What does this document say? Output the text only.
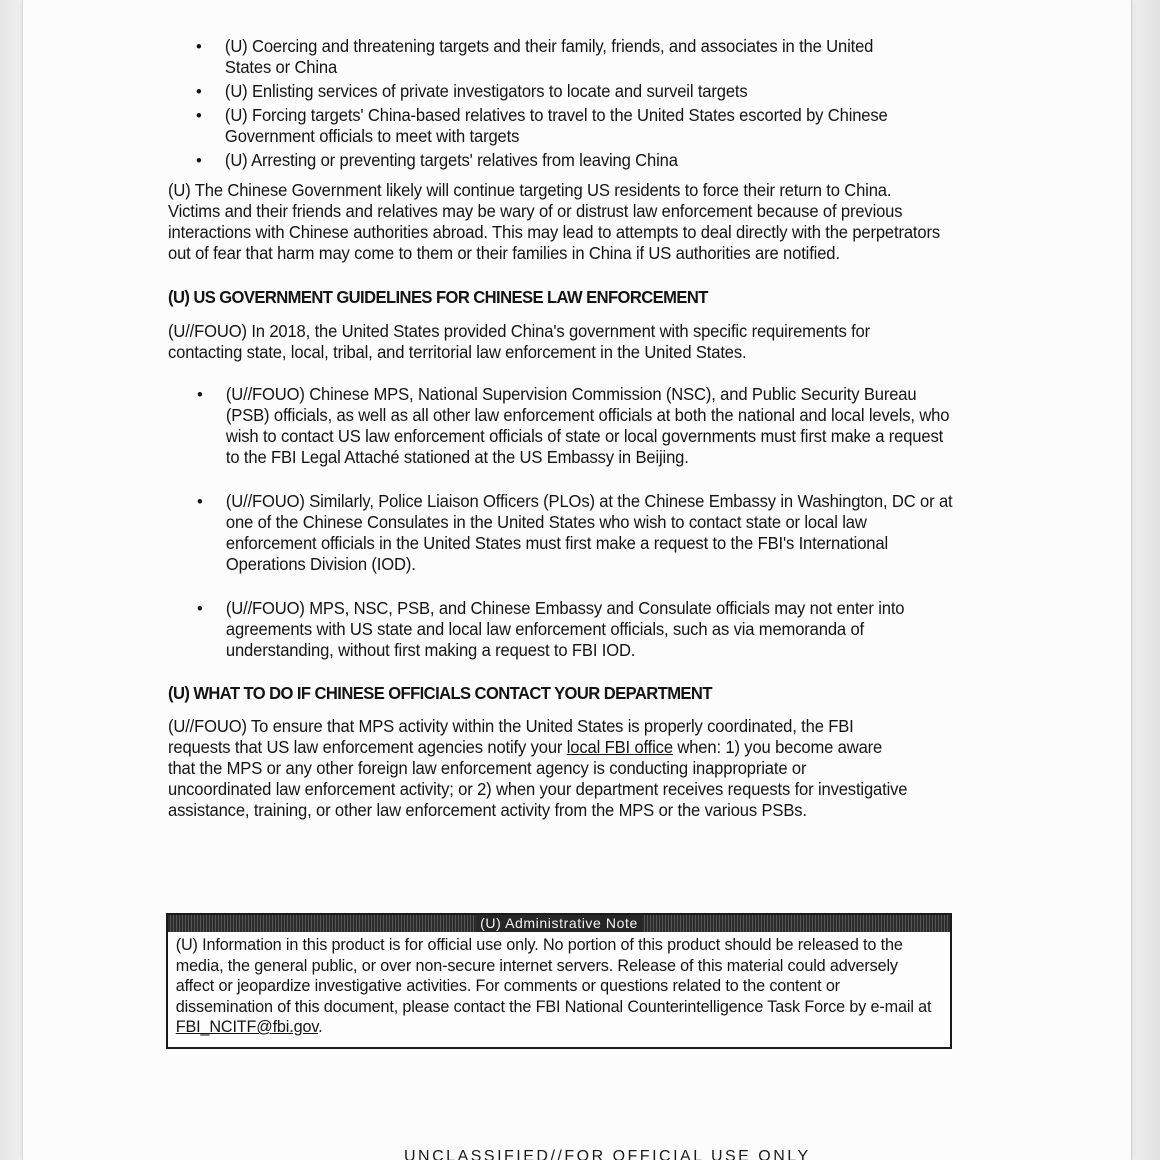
• (U) Coercing and threatening targets and their family, friends, and associates in the United States or China
• (U) Enlisting services of private investigators to locate and surveil targets
• (U) Forcing targets' China-based relatives to travel to the United States escorted by Chinese Government officials to meet with targets
• (U) Arresting or preventing targets' relatives from leaving China

(U) The Chinese Government likely will continue targeting US residents to force their return to China. Victims and their friends and relatives may be wary of or distrust law enforcement because of previous interactions with Chinese authorities abroad. This may lead to attempts to deal directly with the perpetrators out of fear that harm may come to them or their families in China if US authorities are notified.

(U) US GOVERNMENT GUIDELINES FOR CHINESE LAW ENFORCEMENT

(U//FOUO) In 2018, the United States provided China's government with specific requirements for contacting state, local, tribal, and territorial law enforcement in the United States.

• (U//FOUO) Chinese MPS, National Supervision Commission (NSC), and Public Security Bureau (PSB) officials, as well as all other law enforcement officials at both the national and local levels, who wish to contact US law enforcement officials of state or local governments must first make a request to the FBI Legal Attaché stationed at the US Embassy in Beijing.
• (U//FOUO) Similarly, Police Liaison Officers (PLOs) at the Chinese Embassy in Washington, DC or at one of the Chinese Consulates in the United States who wish to contact state or local law enforcement officials in the United States must first make a request to the FBI's International Operations Division (IOD).
• (U//FOUO) MPS, NSC, PSB, and Chinese Embassy and Consulate officials may not enter into agreements with US state and local law enforcement officials, such as via memoranda of understanding, without first making a request to FBI IOD.

(U) WHAT TO DO IF CHINESE OFFICIALS CONTACT YOUR DEPARTMENT

(U//FOUO) To ensure that MPS activity within the United States is properly coordinated, the FBI requests that US law enforcement agencies notify your local FBI office when: 1) you become aware that the MPS or any other foreign law enforcement agency is conducting inappropriate or uncoordinated law enforcement activity; or 2) when your department receives requests for investigative assistance, training, or other law enforcement activity from the MPS or the various PSBs.

(U) Administrative Note
(U) Information in this product is for official use only. No portion of this product should be released to the media, the general public, or over non-secure internet servers. Release of this material could adversely affect or jeopardize investigative activities. For comments or questions related to the content or dissemination of this document, please contact the FBI National Counterintelligence Task Force by e-mail at FBI_NCITF@fbi.gov.
UNCLASSIFIED//FOR OFFICIAL USE ONLY
